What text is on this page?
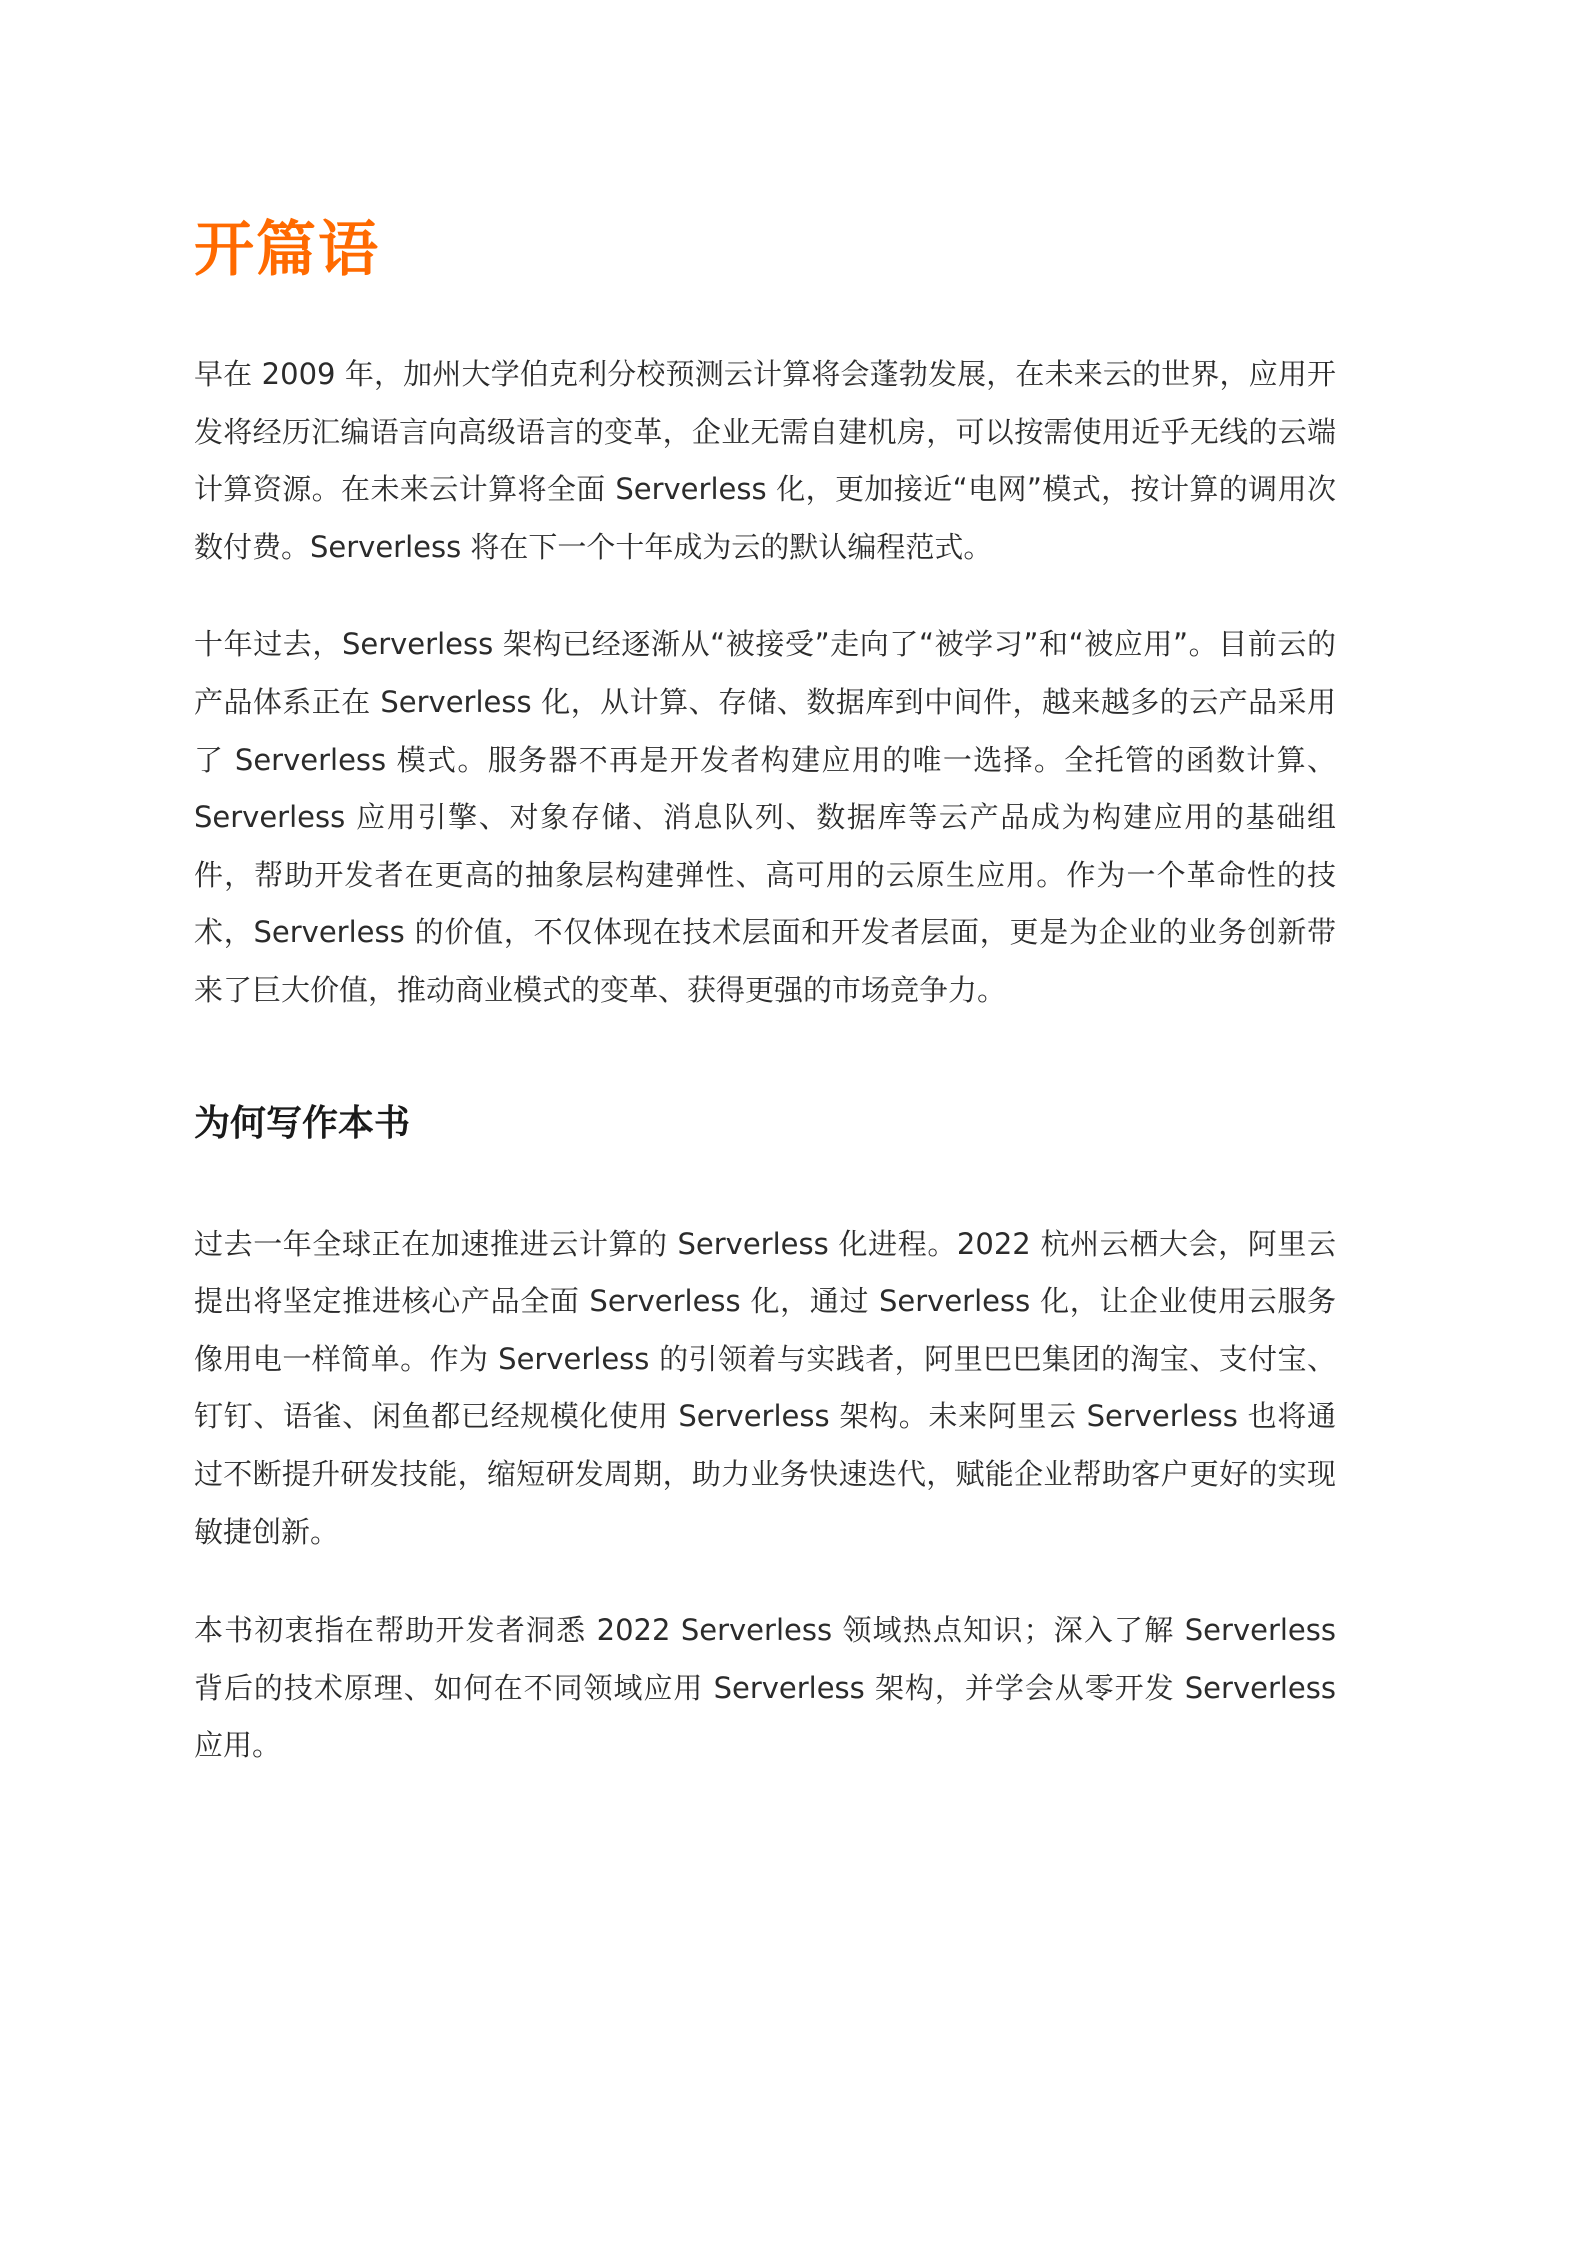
开篇语

早在 2009 年，加州大学伯克利分校预测云计算将会蓬勃发展，在未来云的世界，应用开发将经历汇编语言向高级语言的变革，企业无需自建机房，可以按需使用近乎无线的云端计算资源。在未来云计算将全面 Serverless 化，更加接近“电网”模式，按计算的调用次数付费。Serverless 将在下一个十年成为云的默认编程范式。

十年过去，Serverless 架构已经逐渐从“被接受”走向了“被学习”和“被应用”。目前云的产品体系正在 Serverless 化，从计算、存储、数据库到中间件，越来越多的云产品采用了 Serverless 模式。服务器不再是开发者构建应用的唯一选择。全托管的函数计算、Serverless 应用引擎、对象存储、消息队列、数据库等云产品成为构建应用的基础组件，帮助开发者在更高的抽象层构建弹性、高可用的云原生应用。作为一个革命性的技术，Serverless 的价值，不仅体现在技术层面和开发者层面，更是为企业的业务创新带来了巨大价值，推动商业模式的变革、获得更强的市场竞争力。

为何写作本书

过去一年全球正在加速推进云计算的 Serverless 化进程。2022 杭州云栖大会，阿里云提出将坚定推进核心产品全面 Serverless 化，通过 Serverless 化，让企业使用云服务像用电一样简单。作为 Serverless 的引领着与实践者，阿里巴巴集团的淘宝、支付宝、钉钉、语雀、闲鱼都已经规模化使用 Serverless 架构。未来阿里云 Serverless 也将通过不断提升研发技能，缩短研发周期，助力业务快速迭代，赋能企业帮助客户更好的实现敏捷创新。

本书初衷指在帮助开发者洞悉 2022 Serverless 领域热点知识；深入了解 Serverless 背后的技术原理、如何在不同领域应用 Serverless 架构，并学会从零开发 Serverless 应用。
